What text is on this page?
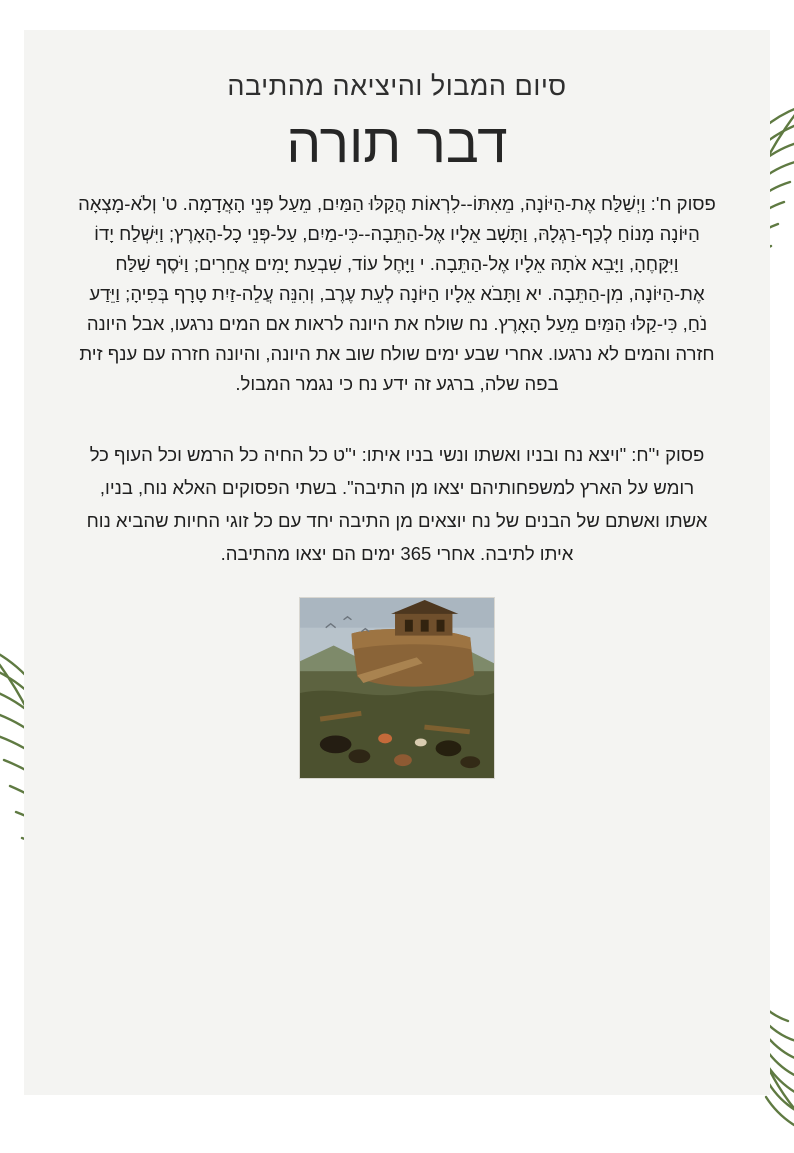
סיום המבול והיציאה מהתיבה
דבר תורה

פסוק ח': וַיְשַׁלַּח אֶת-הַיּוֹנָה, מֵאִתּוֹ--לִרְאוֹת הֲקַלּוּ הַמַּיִם, מֵעַל פְּנֵי הָאֲדָמָה. ט' וְלֹא-מָצְאָה הַיּוֹנָה מָנוֹחַ לְכַף-רַגְלָהּ, וַתָּשָׁב אֵלָיו אֶל-הַתֵּבָה--כִּי-מַיִם, עַל-פְּנֵי כָל-הָאָרֶץ; וַיִּשְׁלַח יָדוֹ וַיִּקָּחֶהָ, וַיָּבֵא אֹתָהּ אֵלָיו אֶל-הַתֵּבָה. י וַיָּחֶל עוֹד, שִׁבְעַת יָמִים אֲחֵרִים; וַיֹּסֶף שַׁלַּח אֶת-הַיּוֹנָה, מִן-הַתֵּבָה. יא וַתָּבֹא אֵלָיו הַיּוֹנָה לְעֵת עֶרֶב, וְהִנֵּה עֲלֵה-זַיִת טָרָף בְּפִיהָ; וַיֵּדַע נֹחַ, כִּי-קַלּוּ הַמַּיִם מֵעַל הָאָרֶץ. נח שולח את היונה לראות אם המים נרגעו, אבל היונה חזרה והמים לא נרגעו. אחרי שבע ימים שולח שוב את היונה, והיונה חזרה עם ענף זית בפה שלה, ברגע זה ידע נח כי נגמר המבול.

פסוק י"ח: "ויצא נח ובניו ואשתו ונשי בניו איתו: י"ט כל החיה כל הרמש וכל העוף כל רומש על הארץ למשפחותיהם יצאו מן התיבה". בשתי הפסוקים האלא נוח, בניו, אשתו ואשתם של הבנים של נח יוצאים מן התיבה יחד עם כל זוגי החיות שהביא נוח איתו לתיבה. אחרי 365 ימים הם יצאו מהתיבה.
